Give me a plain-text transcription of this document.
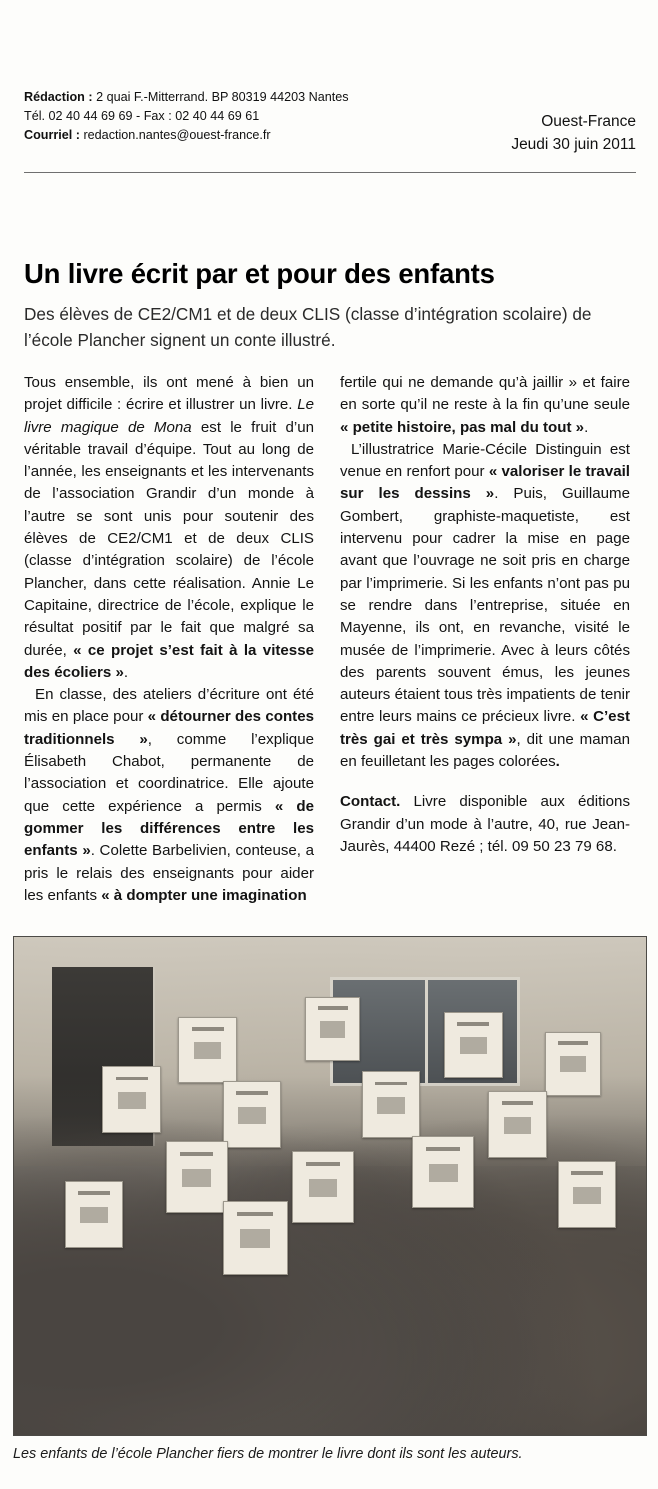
Rédaction : 2 quai F.-Mitterrand. BP 80319 44203 Nantes
Tél. 02 40 44 69 69 - Fax : 02 40 44 69 61
Courriel : redaction.nantes@ouest-france.fr
Ouest-France
Jeudi 30 juin 2011
Un livre écrit par et pour des enfants
Des élèves de CE2/CM1 et de deux CLIS (classe d’intégration scolaire) de l’école Plancher signent un conte illustré.

Tous ensemble, ils ont mené à bien un projet difficile : écrire et illustrer un livre. Le livre magique de Mona est le fruit d’un véritable travail d’équipe. Tout au long de l’année, les enseignants et les intervenants de l’association Grandir d’un monde à l’autre se sont unis pour soutenir des élèves de CE2/CM1 et de deux CLIS (classe d’intégration scolaire) de l’école Plancher, dans cette réalisation. Annie Le Capitaine, directrice de l’école, explique le résultat positif par le fait que malgré sa durée, « ce projet s’est fait à la vitesse des écoliers ».

En classe, des ateliers d’écriture ont été mis en place pour « détourner des contes traditionnels », comme l’explique Élisabeth Chabot, permanente de l’association et coordinatrice. Elle ajoute que cette expérience a permis « de gommer les différences entre les enfants ». Colette Barbelivien, conteuse, a pris le relais des enseignants pour aider les enfants « à dompter une imagination

fertile qui ne demande qu’à jaillir » et faire en sorte qu’il ne reste à la fin qu’une seule « petite histoire, pas mal du tout ».

L’illustratrice Marie-Cécile Distinguin est venue en renfort pour « valoriser le travail sur les dessins ». Puis, Guillaume Gombert, graphiste-maquetiste, est intervenu pour cadrer la mise en page avant que l’ouvrage ne soit pris en charge par l’imprimerie. Si les enfants n’ont pas pu se rendre dans l’entreprise, située en Mayenne, ils ont, en revanche, visité le musée de l’imprimerie. Avec à leurs côtés des parents souvent émus, les jeunes auteurs étaient tous très impatients de tenir entre leurs mains ce précieux livre. « C’est très gai et très sympa », dit une maman en feuilletant les pages colorées.

Contact. Livre disponible aux éditions Grandir d’un mode à l’autre, 40, rue Jean-Jaurès, 44400 Rezé ; tél. 09 50 23 79 68.

Les enfants de l’école Plancher fiers de montrer le livre dont ils sont les auteurs.
